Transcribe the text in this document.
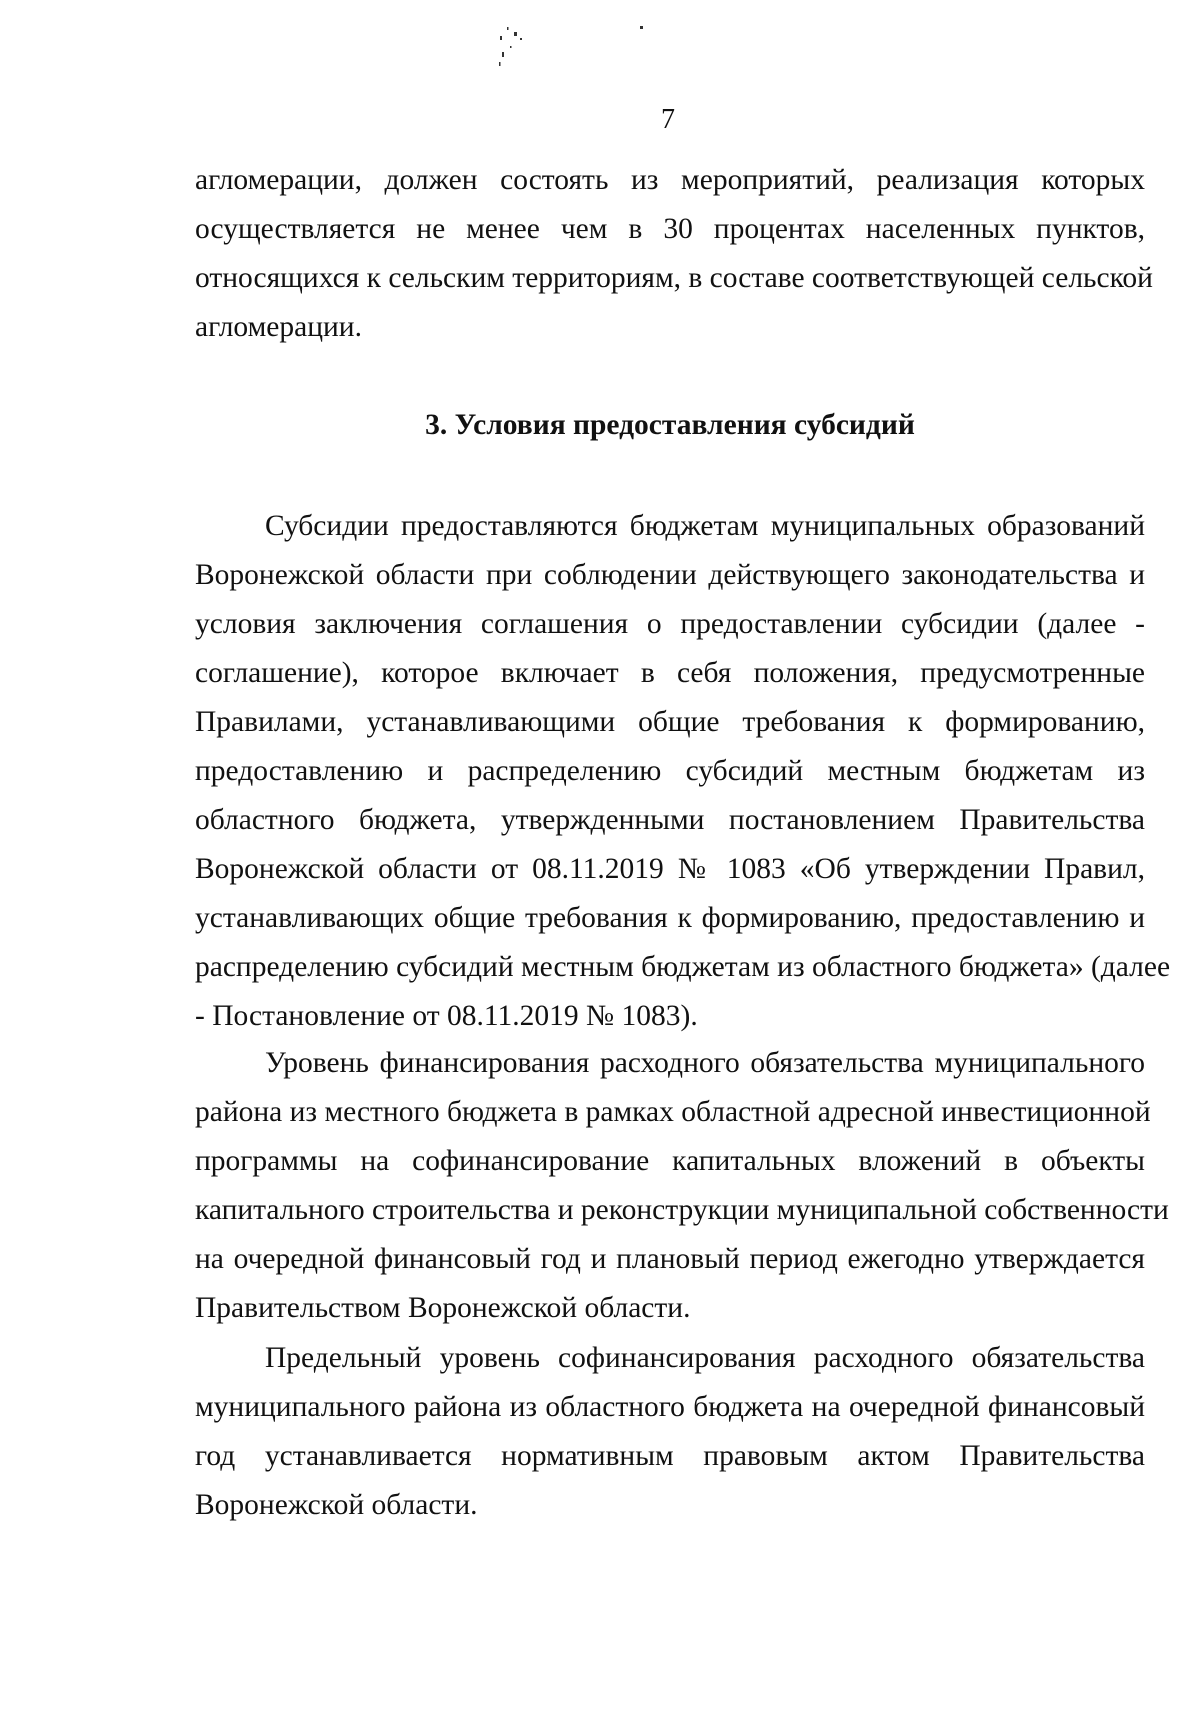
7
агломерации, должен состоять из мероприятий, реализация которых
осуществляется не менее чем в 30 процентах населенных пунктов,
относящихся к сельским территориям, в составе соответствующей сельской
агломерации.
3. Условия предоставления субсидий
Субсидии предоставляются бюджетам муниципальных образований
Воронежской области при соблюдении действующего законодательства и
условия заключения соглашения о предоставлении субсидии (далее -
соглашение), которое включает в себя положения, предусмотренные
Правилами, устанавливающими общие требования к формированию,
предоставлению и распределению субсидий местным бюджетам из
областного бюджета, утвержденными постановлением Правительства
Воронежской области от 08.11.2019 № 1083 «Об утверждении Правил,
устанавливающих общие требования к формированию, предоставлению и
распределению субсидий местным бюджетам из областного бюджета» (далее
- Постановление от 08.11.2019 № 1083).
Уровень финансирования расходного обязательства муниципального
района из местного бюджета в рамках областной адресной инвестиционной
программы на софинансирование капитальных вложений в объекты
капитального строительства и реконструкции муниципальной собственности
на очередной финансовый год и плановый период ежегодно утверждается
Правительством Воронежской области.
Предельный уровень софинансирования расходного обязательства
муниципального района из областного бюджета на очередной финансовый
год устанавливается нормативным правовым актом Правительства
Воронежской области.
